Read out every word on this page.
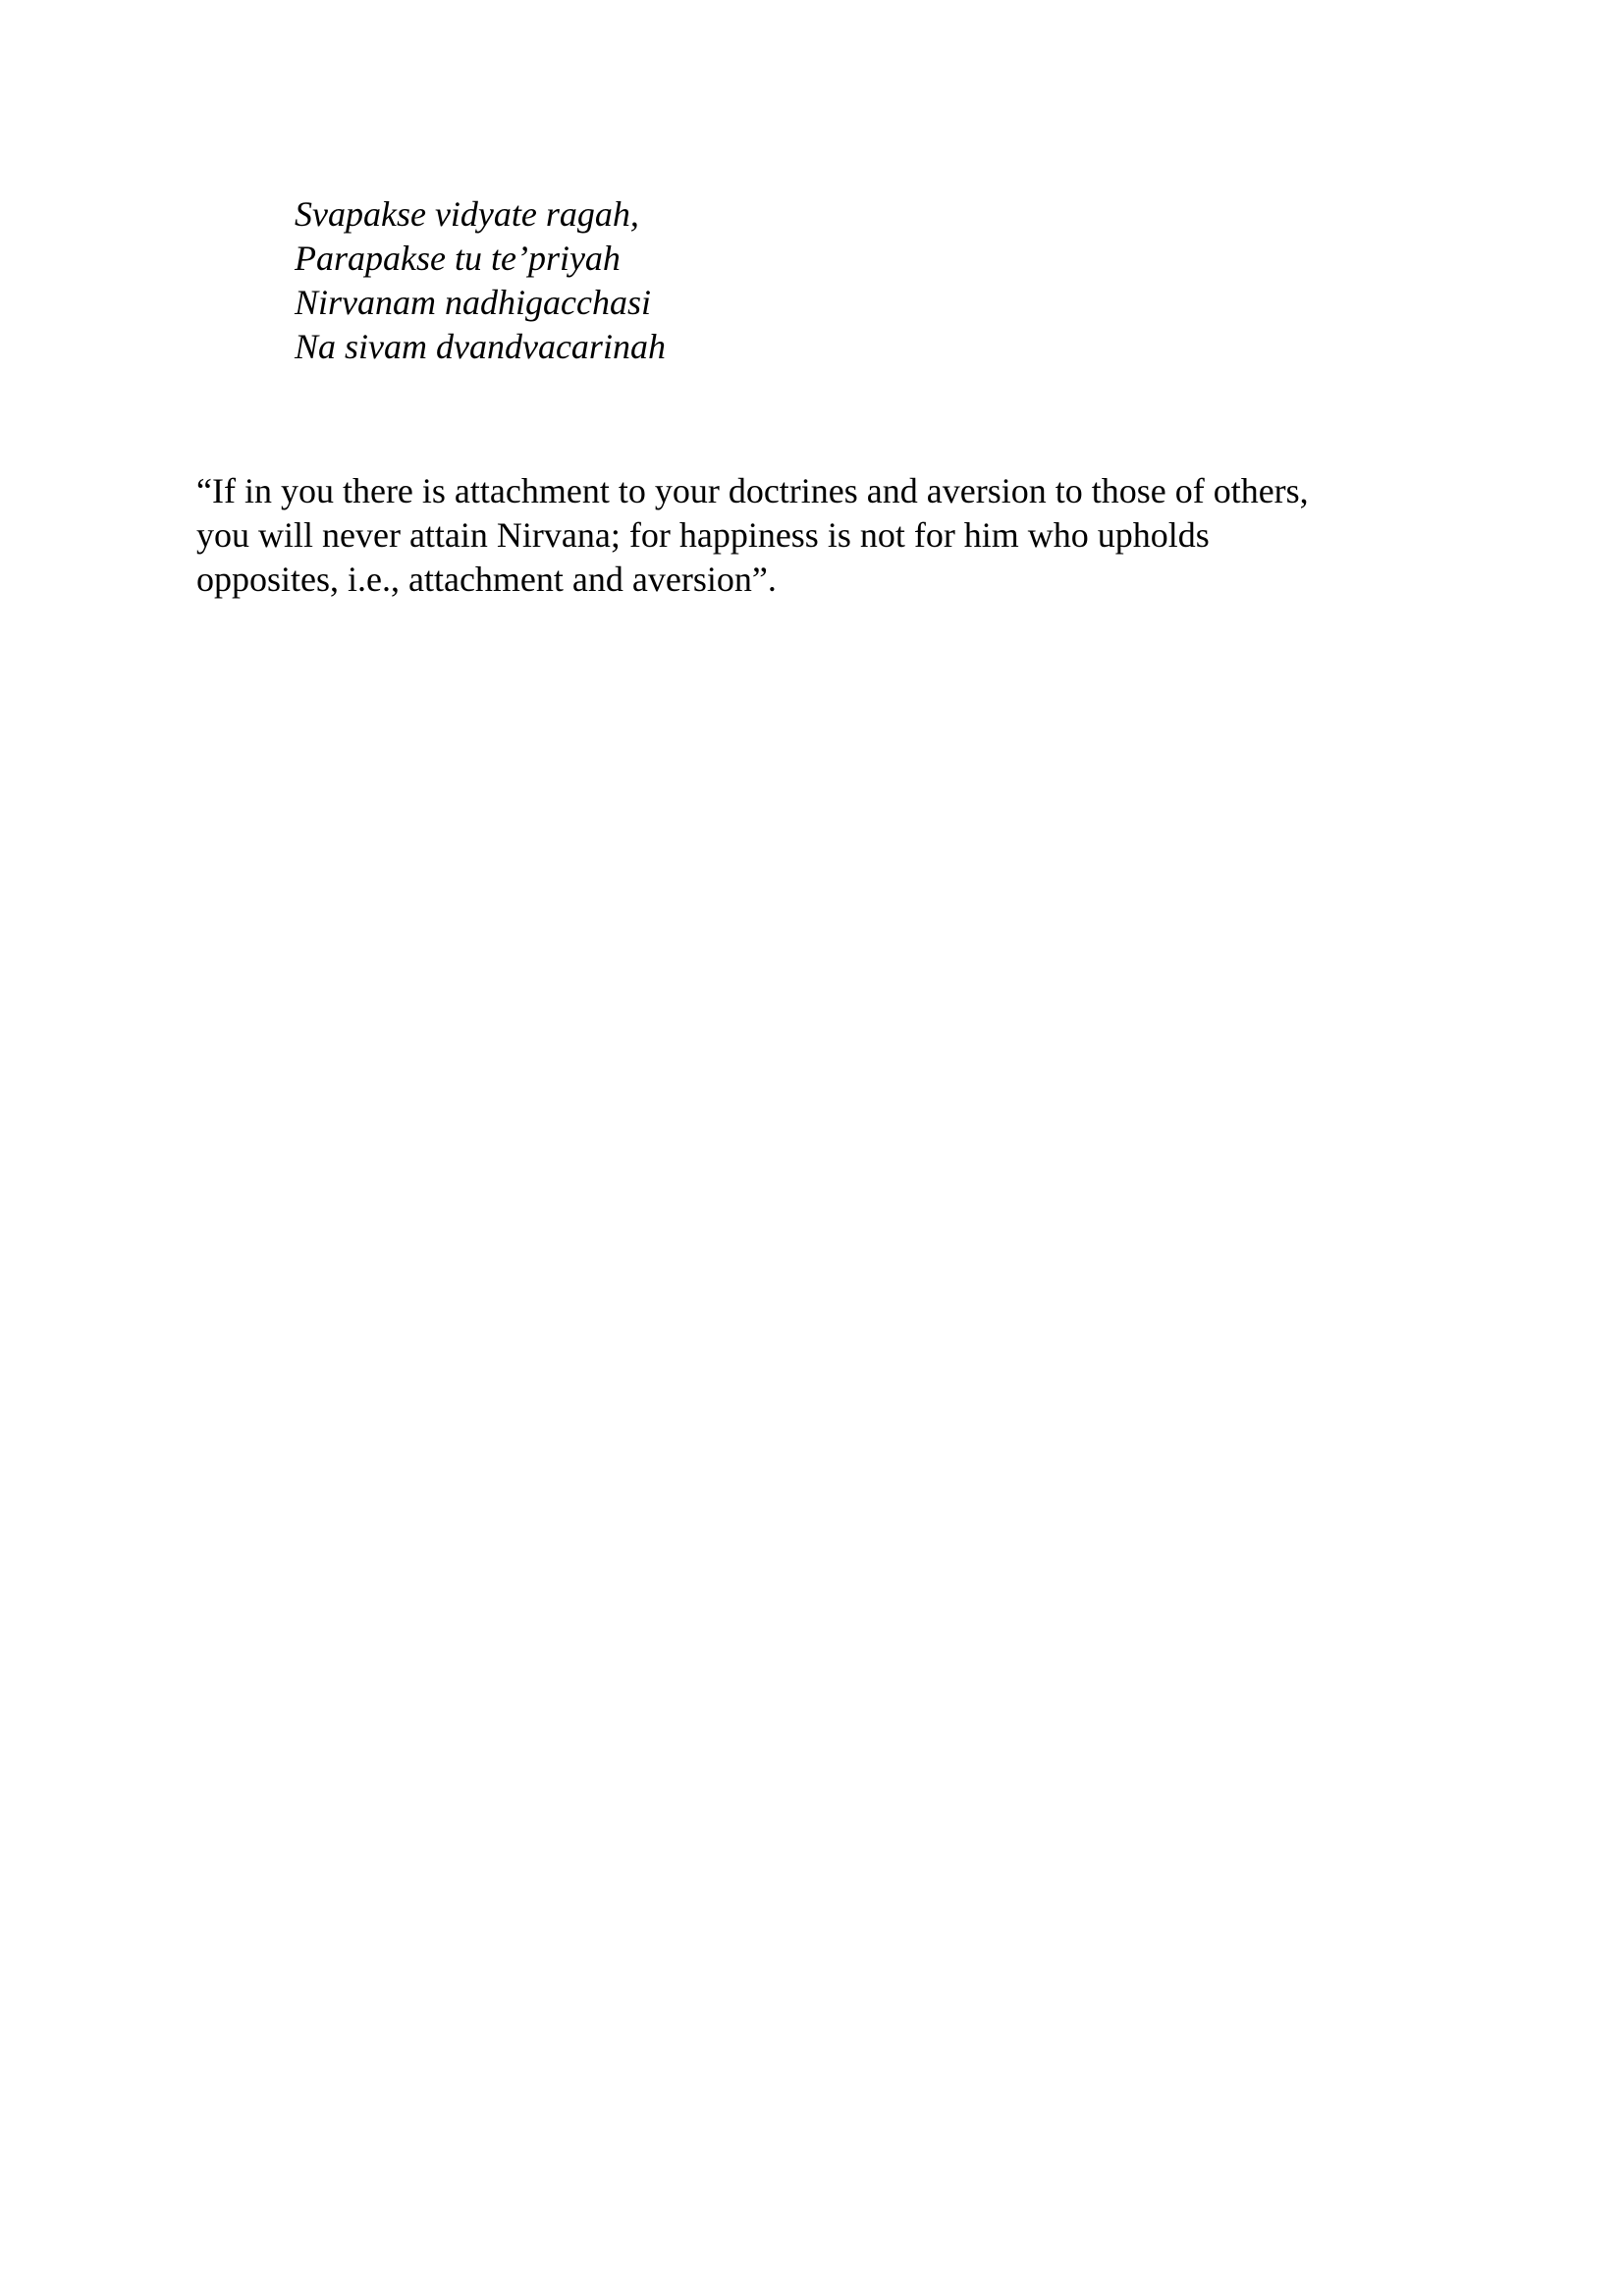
Svapakse vidyate ragah,
Parapakse tu te’priyah
Nirvanam nadhigacchasi
Na sivam dvandvacarinah
“If in you there is attachment to your doctrines and aversion to those of others,
you will never attain Nirvana; for happiness is not for him who upholds
opposites, i.e., attachment and aversion”.
